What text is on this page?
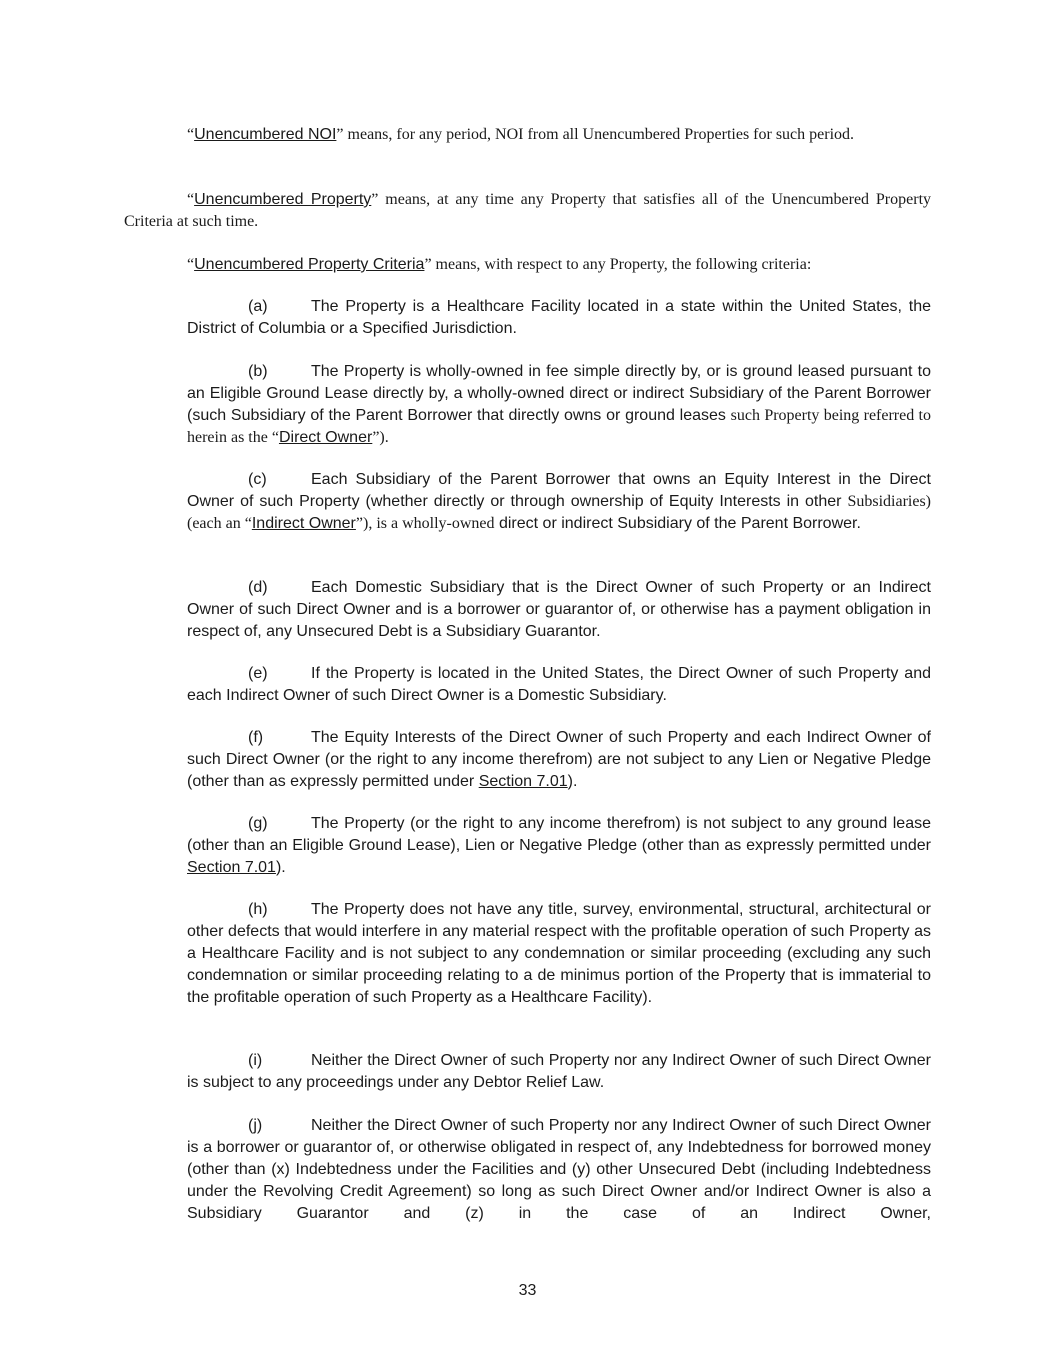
“Unencumbered NOI” means, for any period, NOI from all Unencumbered Properties for such period.

“Unencumbered Property” means, at any time any Property that satisfies all of the Unencumbered Property Criteria at such time.

“Unencumbered Property Criteria” means, with respect to any Property, the following criteria:

(a)	The Property is a Healthcare Facility located in a state within the United States, the District of Columbia or a Specified Jurisdiction.

(b)	The Property is wholly-owned in fee simple directly by, or is ground leased pursuant to an Eligible Ground Lease directly by, a wholly-owned direct or indirect Subsidiary of the Parent Borrower (such Subsidiary of the Parent Borrower that directly owns or ground leases such Property being referred to herein as the “Direct Owner”).

(c)	Each Subsidiary of the Parent Borrower that owns an Equity Interest in the Direct Owner of such Property (whether directly or through ownership of Equity Interests in other Subsidiaries) (each an “Indirect Owner”), is a wholly-owned direct or indirect Subsidiary of the Parent Borrower.

(d)	Each Domestic Subsidiary that is the Direct Owner of such Property or an Indirect Owner of such Direct Owner and is a borrower or guarantor of, or otherwise has a payment obligation in respect of, any Unsecured Debt is a Subsidiary Guarantor.

(e)	If the Property is located in the United States, the Direct Owner of such Property and each Indirect Owner of such Direct Owner is a Domestic Subsidiary.

(f)	The Equity Interests of the Direct Owner of such Property and each Indirect Owner of such Direct Owner (or the right to any income therefrom) are not subject to any Lien or Negative Pledge (other than as expressly permitted under Section 7.01).

(g)	The Property (or the right to any income therefrom) is not subject to any ground lease (other than an Eligible Ground Lease), Lien or Negative Pledge (other than as expressly permitted under Section 7.01).

(h)	The Property does not have any title, survey, environmental, structural, architectural or other defects that would interfere in any material respect with the profitable operation of such Property as a Healthcare Facility and is not subject to any condemnation or similar proceeding (excluding any such condemnation or similar proceeding relating to a de minimus portion of the Property that is immaterial to the profitable operation of such Property as a Healthcare Facility).

(i)	Neither the Direct Owner of such Property nor any Indirect Owner of such Direct Owner is subject to any proceedings under any Debtor Relief Law.

(j)	Neither the Direct Owner of such Property nor any Indirect Owner of such Direct Owner is a borrower or guarantor of, or otherwise obligated in respect of, any Indebtedness for borrowed money (other than (x) Indebtedness under the Facilities and (y) other Unsecured Debt (including Indebtedness under the Revolving Credit Agreement) so long as such Direct Owner and/or Indirect Owner is also a Subsidiary Guarantor and (z) in the case of an Indirect Owner,

33
